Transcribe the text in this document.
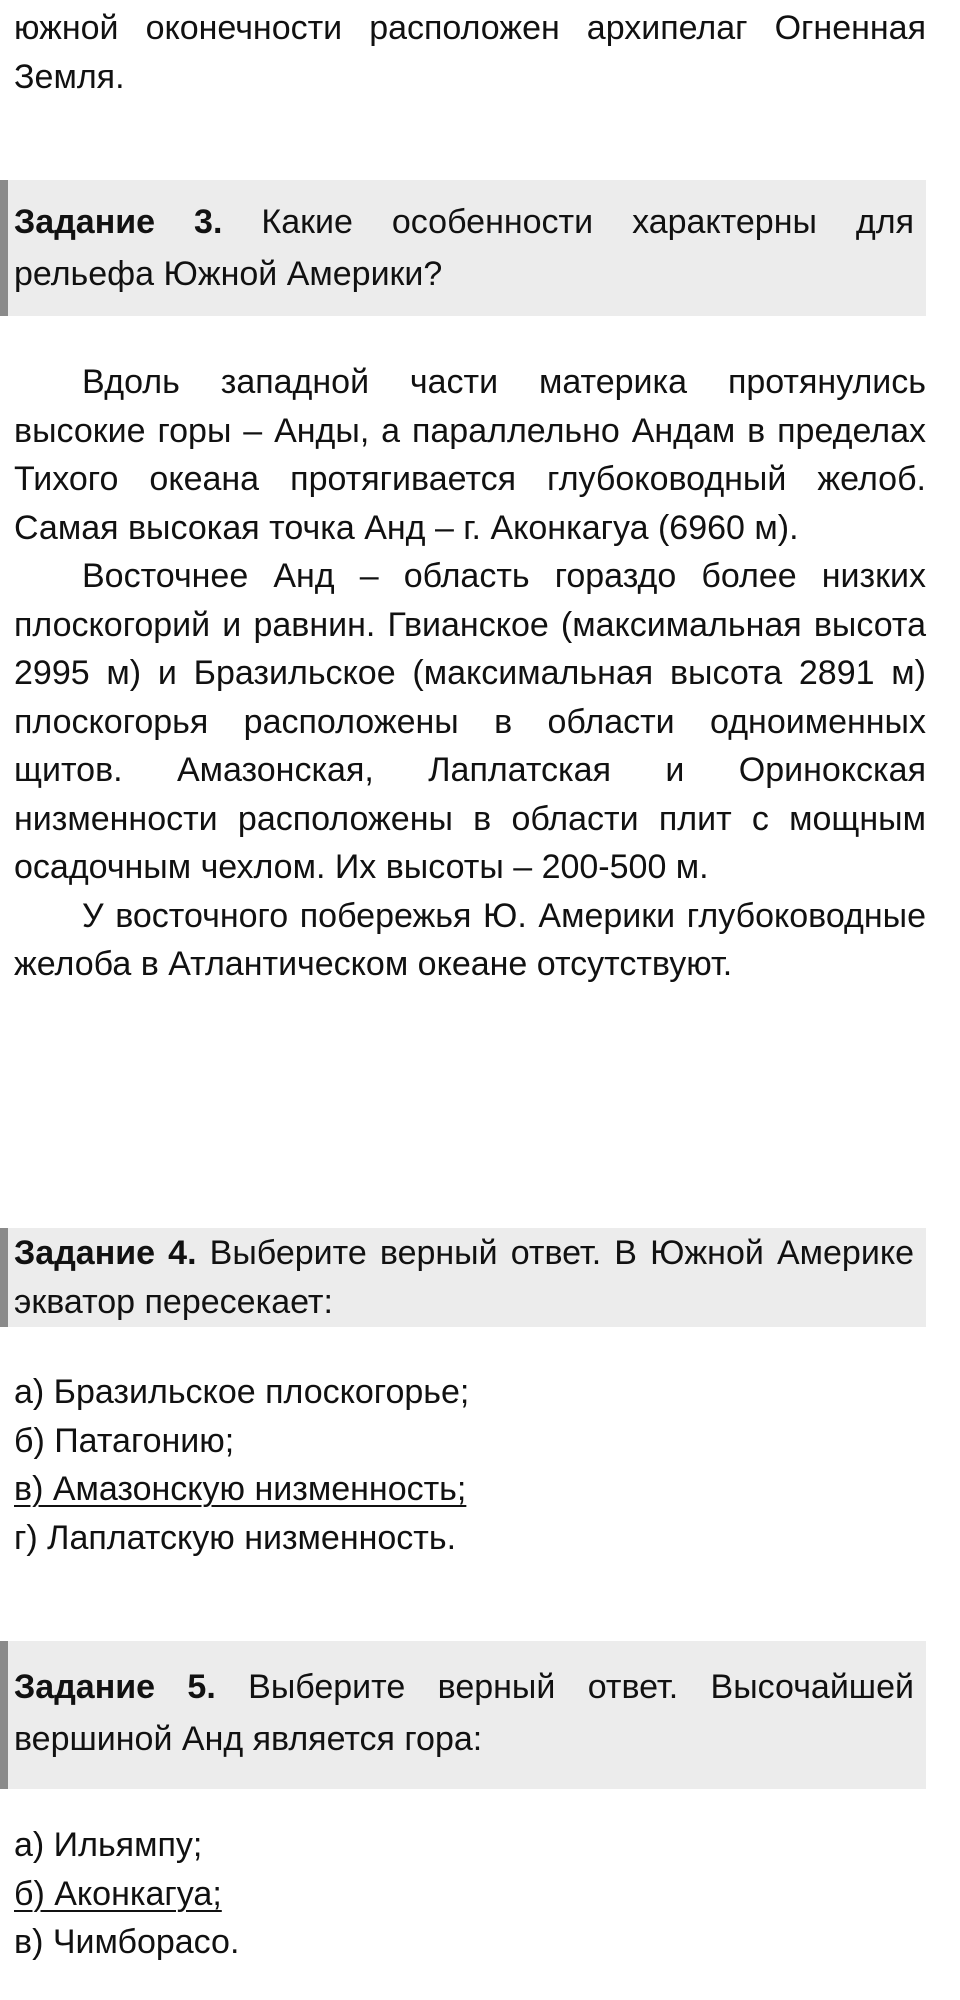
южной оконечности расположен архипелаг Огненная Земля.

Задание 3. Какие особенности характерны для рельефа Южной Америки?

Вдоль западной части материка протянулись высокие горы – Анды, а параллельно Андам в пределах Тихого океана протягивается глубоководный желоб. Самая высокая точка Анд – г. Аконкагуа (6960 м).

Восточнее Анд – область гораздо более низких плоскогорий и равнин. Гвианское (максимальная высота 2995 м) и Бразильское (максимальная высота 2891 м) плоскогорья расположены в области одноименных щитов. Амазонская, Лаплатская и Оринокская низменности расположены в области плит с мощным осадочным чехлом. Их высоты – 200-500 м.

У восточного побережья Ю. Америки глубоководные желоба в Атлантическом океане отсутствуют.

Задание 4. Выберите верный ответ. В Южной Америке экватор пересекает:

а) Бразильское плоскогорье;

б) Патагонию;

в) Амазонскую низменность;

г) Лаплатскую низменность.

Задание 5. Выберите верный ответ. Высочайшей вершиной Анд является гора:

а) Ильямпу;

б) Аконкагуа;

в) Чимборасо.
